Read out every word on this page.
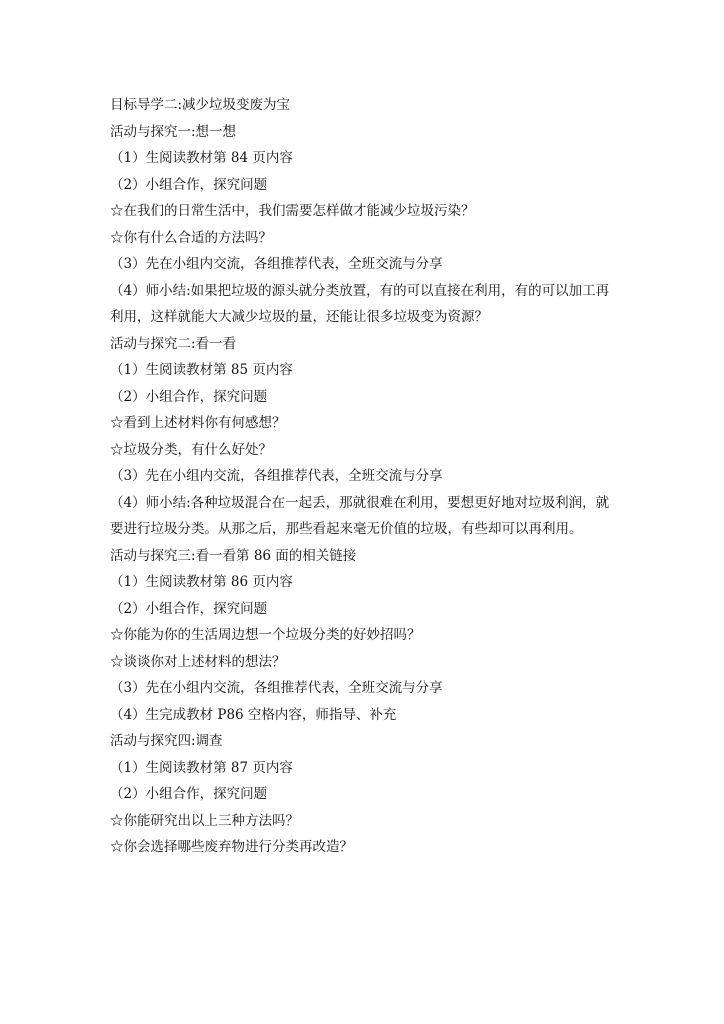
目标导学二:减少垃圾变废为宝
活动与探究一:想一想
（1）生阅读教材第 84 页内容
（2）小组合作，探究问题
☆在我们的日常生活中，我们需要怎样做才能减少垃圾污染？
☆你有什么合适的方法吗？
（3）先在小组内交流，各组推荐代表，全班交流与分享
（4）师小结:如果把垃圾的源头就分类放置，有的可以直接在利用，有的可以加工再利用，这样就能大大减少垃圾的量，还能让很多垃圾变为资源？
活动与探究二:看一看
（1）生阅读教材第 85 页内容
（2）小组合作，探究问题
☆看到上述材料你有何感想？
☆垃圾分类，有什么好处？
（3）先在小组内交流，各组推荐代表，全班交流与分享
（4）师小结:各种垃圾混合在一起丢，那就很难在利用，要想更好地对垃圾利润，就要进行垃圾分类。从那之后，那些看起来毫无价值的垃圾，有些却可以再利用。
活动与探究三:看一看第 86 面的相关链接
（1）生阅读教材第 86 页内容
（2）小组合作，探究问题
☆你能为你的生活周边想一个垃圾分类的好妙招吗？
☆谈谈你对上述材料的想法？
（3）先在小组内交流，各组推荐代表，全班交流与分享
（4）生完成教材 P86 空格内容，师指导、补充
活动与探究四:调查
（1）生阅读教材第 87 页内容
（2）小组合作，探究问题
☆你能研究出以上三种方法吗？
☆你会选择哪些废弃物进行分类再改造？
